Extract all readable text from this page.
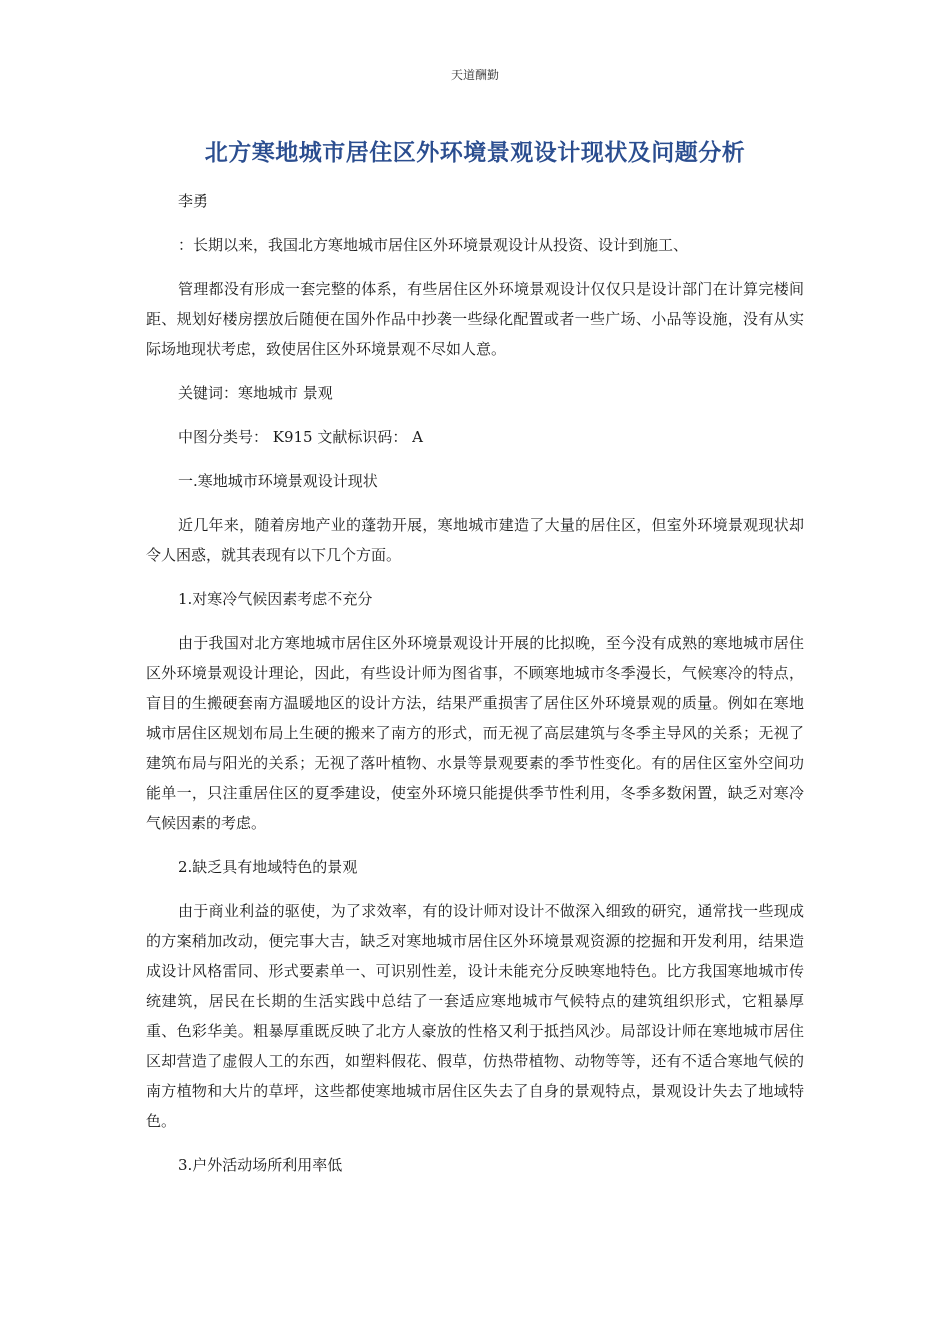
天道酬勤
北方寒地城市居住区外环境景观设计现状及问题分析

李勇

：长期以来，我国北方寒地城市居住区外环境景观设计从投资、设计到施工、

管理都没有形成一套完整的体系，有些居住区外环境景观设计仅仅只是设计部门在计算完楼间距、规划好楼房摆放后随便在国外作品中抄袭一些绿化配置或者一些广场、小品等设施，没有从实际场地现状考虑，致使居住区外环境景观不尽如人意。

关键词：寒地城市 景观

中图分类号： K915 文献标识码： A

一.寒地城市环境景观设计现状

近几年来，随着房地产业的蓬勃开展，寒地城市建造了大量的居住区，但室外环境景观现状却令人困惑，就其表现有以下几个方面。

1.对寒冷气候因素考虑不充分

由于我国对北方寒地城市居住区外环境景观设计开展的比拟晚，至今没有成熟的寒地城市居住区外环境景观设计理论，因此，有些设计师为图省事，不顾寒地城市冬季漫长，气候寒冷的特点，盲目的生搬硬套南方温暖地区的设计方法，结果严重损害了居住区外环境景观的质量。例如在寒地城市居住区规划布局上生硬的搬来了南方的形式，而无视了高层建筑与冬季主导风的关系；无视了建筑布局与阳光的关系；无视了落叶植物、水景等景观要素的季节性变化。有的居住区室外空间功能单一，只注重居住区的夏季建设，使室外环境只能提供季节性利用，冬季多数闲置，缺乏对寒冷气候因素的考虑。

2.缺乏具有地域特色的景观

由于商业利益的驱使，为了求效率，有的设计师对设计不做深入细致的研究，通常找一些现成的方案稍加改动，便完事大吉，缺乏对寒地城市居住区外环境景观资源的挖掘和开发利用，结果造成设计风格雷同、形式要素单一、可识别性差，设计未能充分反映寒地特色。比方我国寒地城市传统建筑，居民在长期的生活实践中总结了一套适应寒地城市气候特点的建筑组织形式，它粗暴厚重、色彩华美。粗暴厚重既反映了北方人豪放的性格又利于抵挡风沙。局部设计师在寒地城市居住区却营造了虚假人工的东西，如塑料假花、假草，仿热带植物、动物等等，还有不适合寒地气候的南方植物和大片的草坪，这些都使寒地城市居住区失去了自身的景观特点，景观设计失去了地域特色。

3.户外活动场所利用率低
